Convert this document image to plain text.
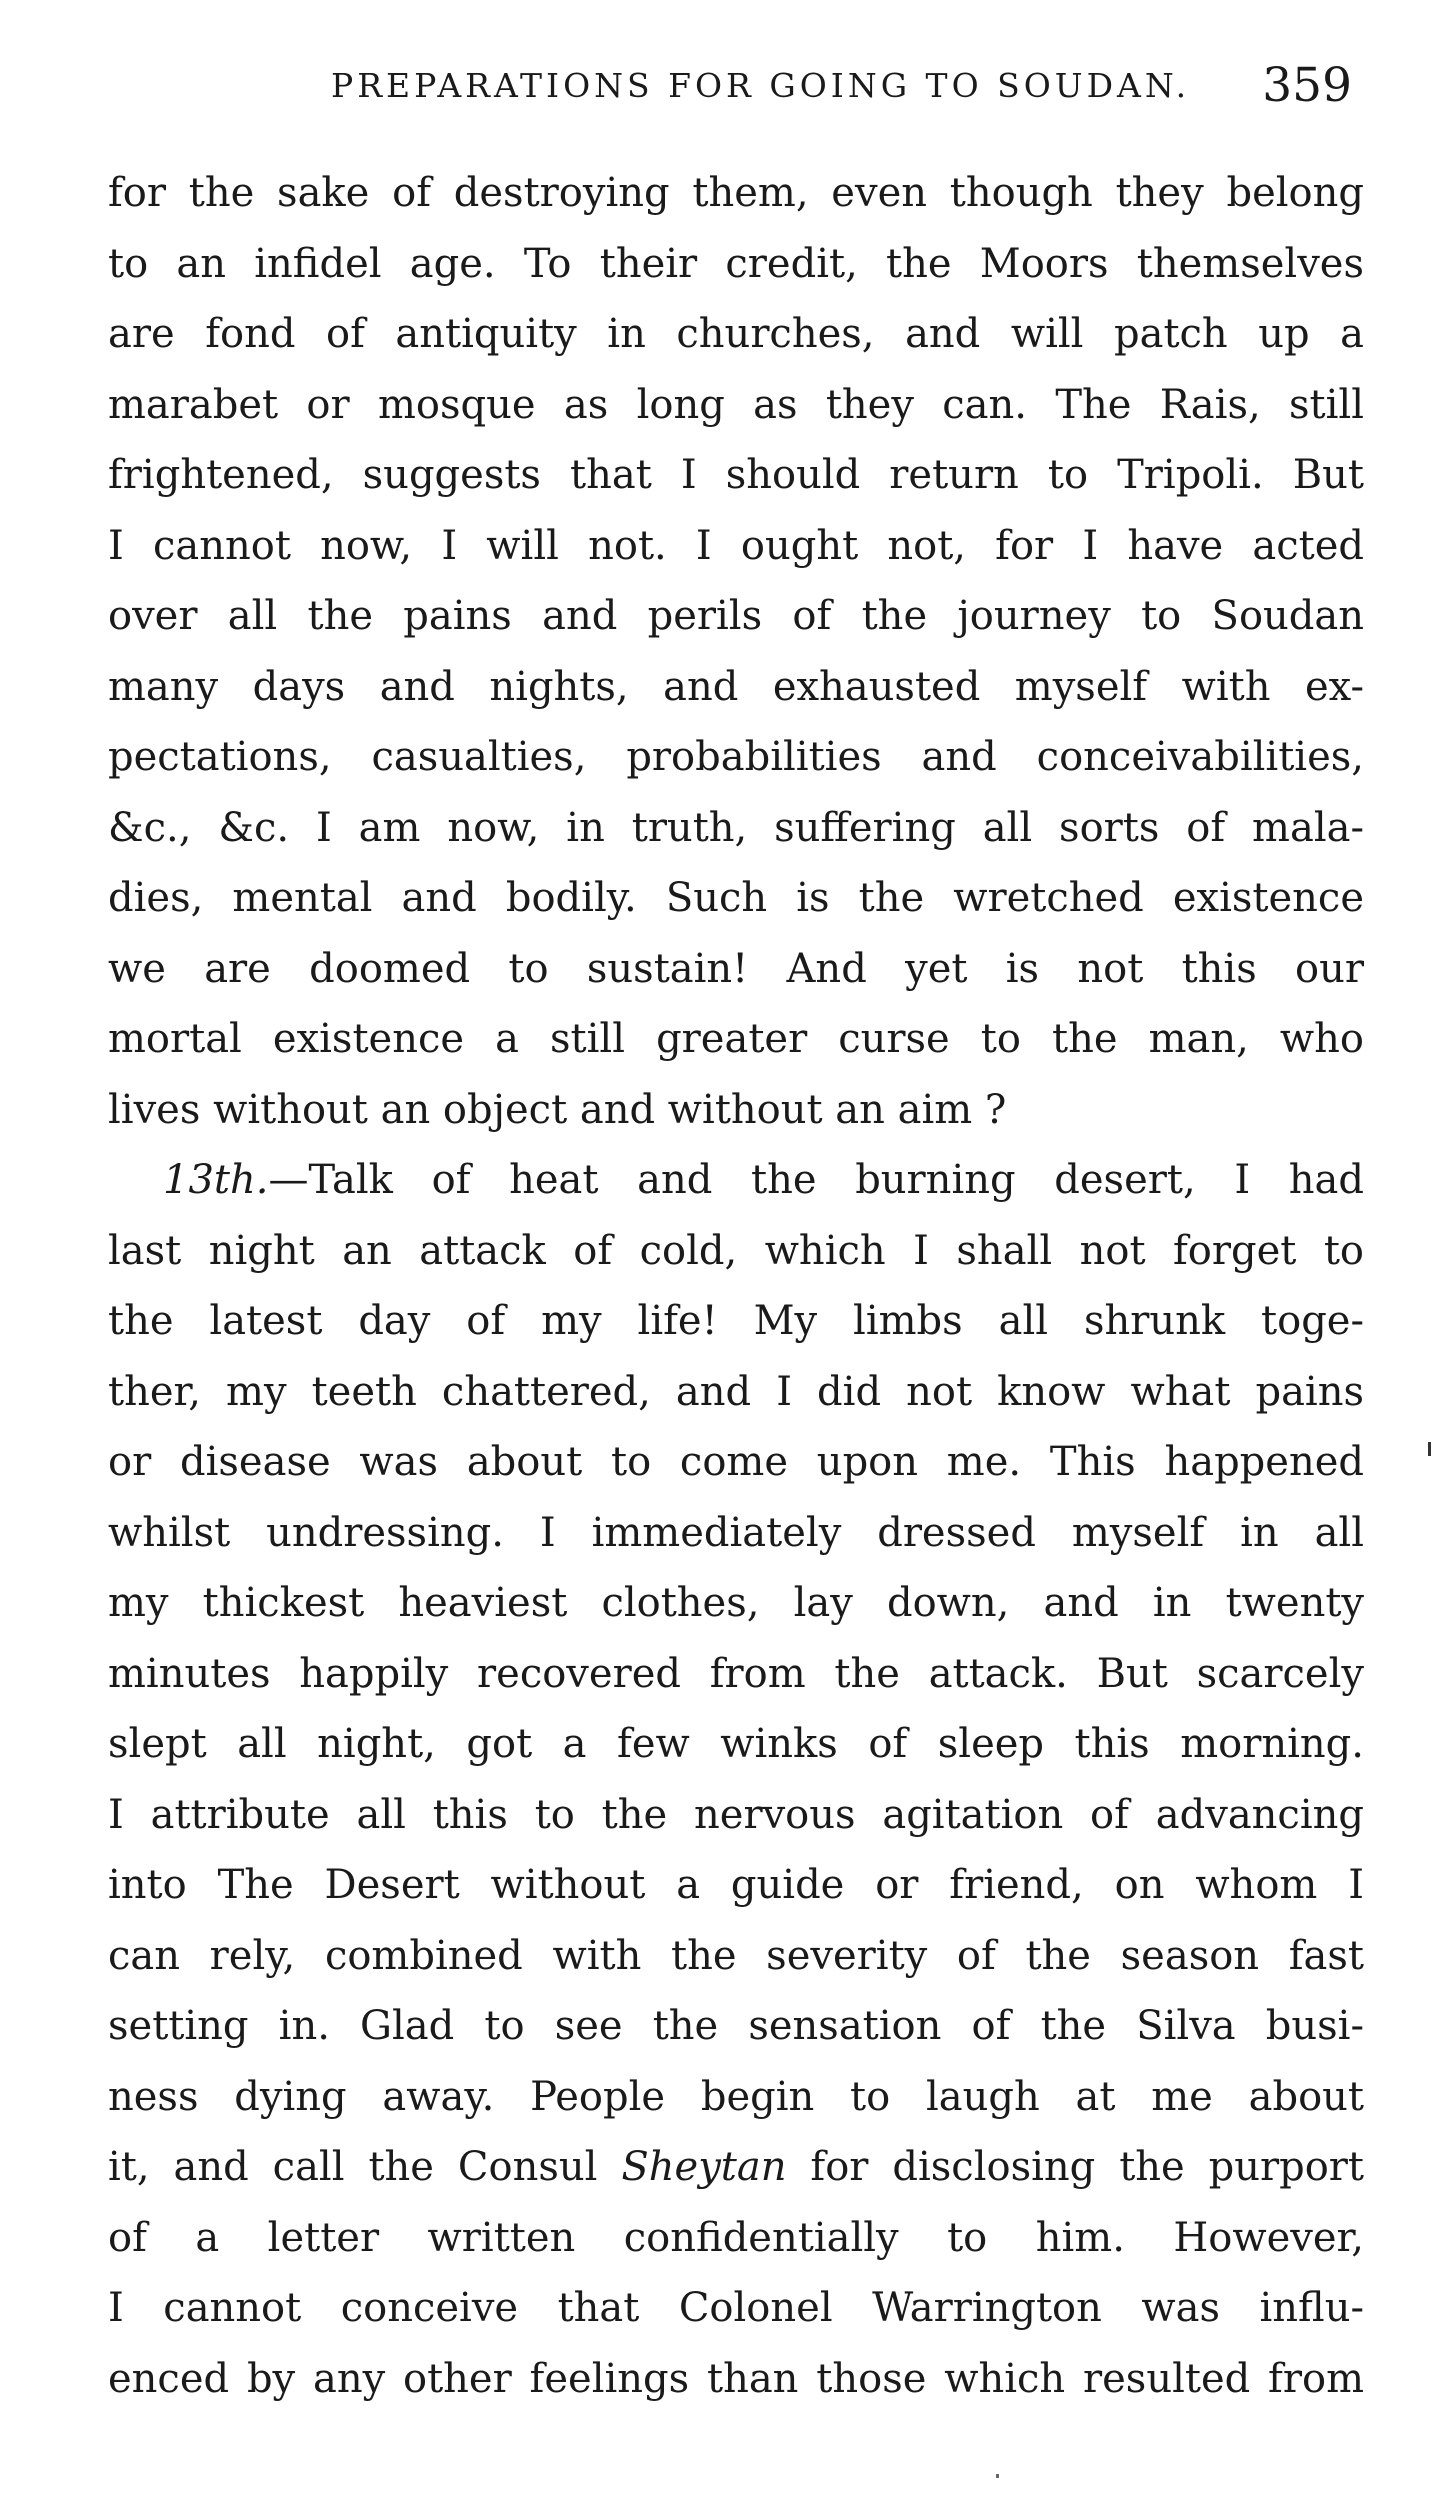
PREPARATIONS FOR GOING TO SOUDAN. 359
for the sake of destroying them, even though they belong
to an infidel age. To their credit, the Moors themselves
are fond of antiquity in churches, and will patch up a
marabet or mosque as long as they can. The Rais, still
frightened, suggests that I should return to Tripoli. But
I cannot now, I will not. I ought not, for I have acted
over all the pains and perils of the journey to Soudan
many days and nights, and exhausted myself with ex-
pectations, casualties, probabilities and conceivabilities,
&c., &c. I am now, in truth, suffering all sorts of mala-
dies, mental and bodily. Such is the wretched existence
we are doomed to sustain! And yet is not this our
mortal existence a still greater curse to the man, who
lives without an object and without an aim ?
13th.—Talk of heat and the burning desert, I had
last night an attack of cold, which I shall not forget to
the latest day of my life! My limbs all shrunk toge-
ther, my teeth chattered, and I did not know what pains
or disease was about to come upon me. This happened
whilst undressing. I immediately dressed myself in all
my thickest heaviest clothes, lay down, and in twenty
minutes happily recovered from the attack. But scarcely
slept all night, got a few winks of sleep this morning.
I attribute all this to the nervous agitation of advancing
into The Desert without a guide or friend, on whom I
can rely, combined with the severity of the season fast
setting in. Glad to see the sensation of the Silva busi-
ness dying away. People begin to laugh at me about
it, and call the Consul Sheytan for disclosing the purport
of a letter written confidentially to him. However,
I cannot conceive that Colonel Warrington was influ-
enced by any other feelings than those which resulted from
